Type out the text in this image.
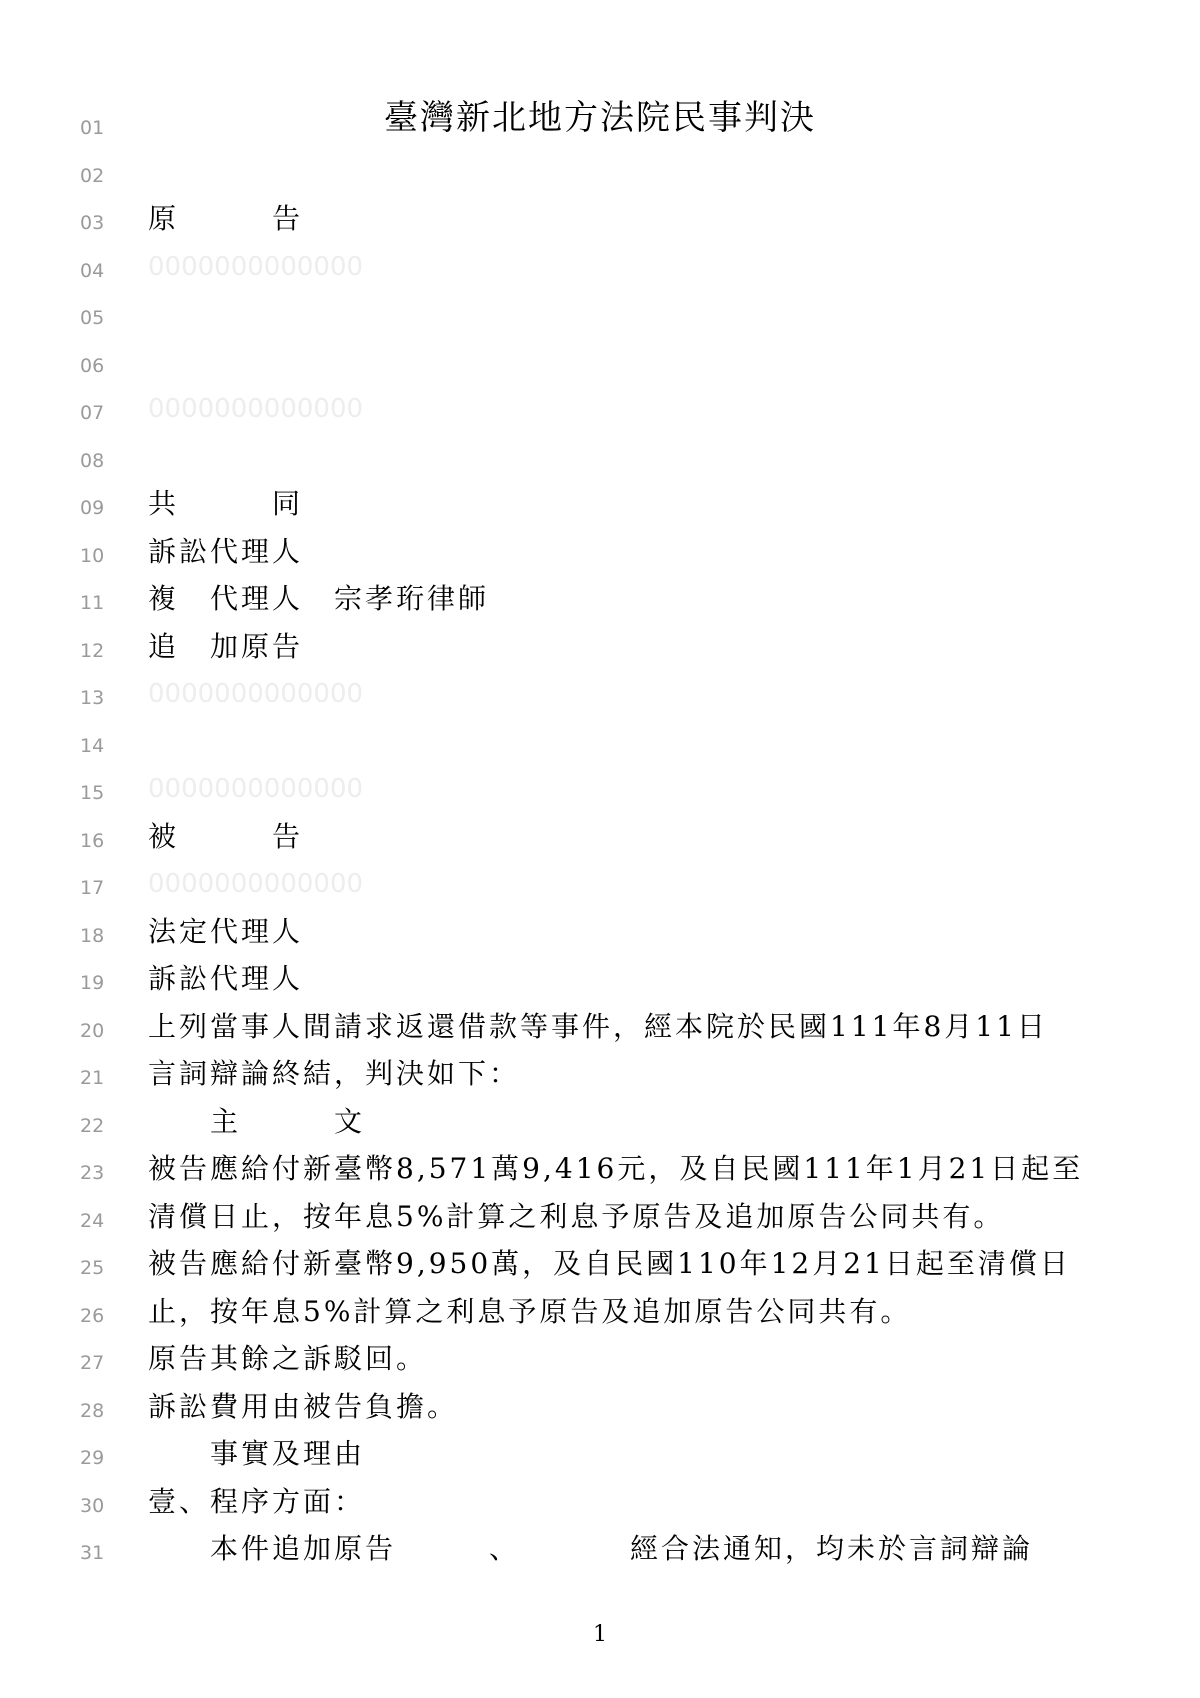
01	臺灣新北地方法院民事判決
02
03 原　　　告
04 0000000000000
05
06
07 0000000000000
08
09 共　　　同
10 訴訟代理人
11 複　代理人　宗孝珩律師
12 追　加原告
13 0000000000000
14
15 0000000000000
16 被　　　告
17 0000000000000
18 法定代理人
19 訴訟代理人
20 上列當事人間請求返還借款等事件，經本院於民國111年8月11日
21 言詞辯論終結，判決如下：
22 　　主　　　文
23 被告應給付新臺幣8,571萬9,416元，及自民國111年1月21日起至
24 清償日止，按年息5%計算之利息予原告及追加原告公同共有。
25 被告應給付新臺幣9,950萬，及自民國110年12月21日起至清償日
26 止，按年息5%計算之利息予原告及追加原告公同共有。
27 原告其餘之訴駁回。
28 訴訟費用由被告負擔。
29 　　事實及理由
30 壹、程序方面：
31 　　本件追加原告　　　、　　　　經合法通知，均未於言詞辯論
1
